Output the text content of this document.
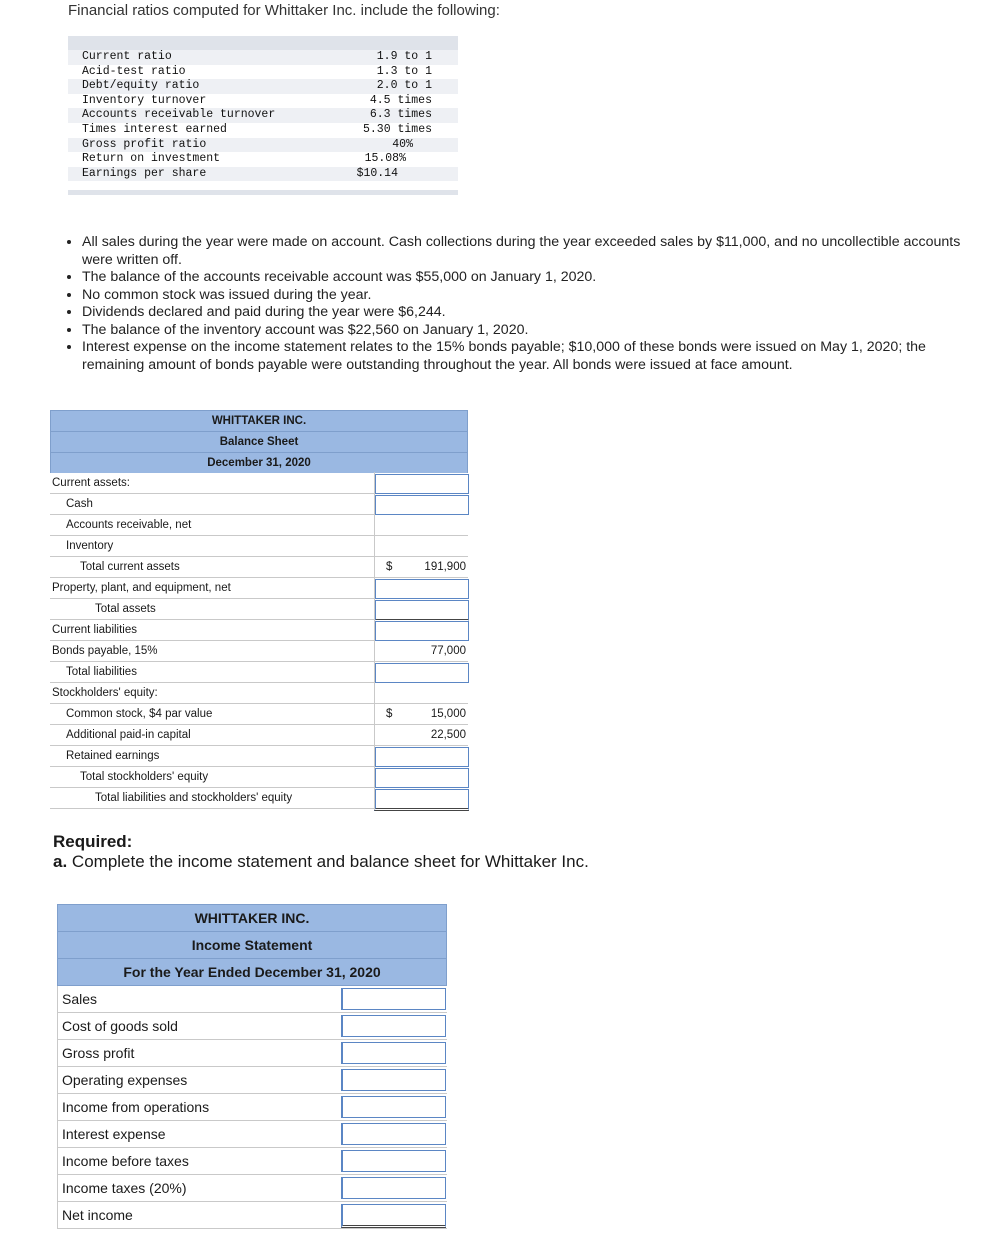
Financial ratios computed for Whittaker Inc. include the following:
Current ratio	1.9 to 1
Acid-test ratio	1.3 to 1
Debt/equity ratio	2.0 to 1
Inventory turnover	4.5 times
Accounts receivable turnover	6.3 times
Times interest earned	5.30 times
Gross profit ratio	40%
Return on investment	15.08%
Earnings per share	$10.14
• All sales during the year were made on account. Cash collections during the year exceeded sales by $11,000, and no uncollectible accounts were written off.
• The balance of the accounts receivable account was $55,000 on January 1, 2020.
• No common stock was issued during the year.
• Dividends declared and paid during the year were $6,244.
• The balance of the inventory account was $22,560 on January 1, 2020.
• Interest expense on the income statement relates to the 15% bonds payable; $10,000 of these bonds were issued on May 1, 2020; the remaining amount of bonds payable were outstanding throughout the year. All bonds were issued at face amount.
WHITTAKER INC.
Balance Sheet
December 31, 2020
Current assets:
Cash
Accounts receivable, net
Inventory
Total current assets	$	191,900
Property, plant, and equipment, net
Total assets
Current liabilities
Bonds payable, 15%	77,000
Total liabilities
Stockholders' equity:
Common stock, $4 par value	$	15,000
Additional paid-in capital	22,500
Retained earnings
Total stockholders' equity
Total liabilities and stockholders' equity
Required:
a. Complete the income statement and balance sheet for Whittaker Inc.
WHITTAKER INC.
Income Statement
For the Year Ended December 31, 2020
Sales
Cost of goods sold
Gross profit
Operating expenses
Income from operations
Interest expense
Income before taxes
Income taxes (20%)
Net income
